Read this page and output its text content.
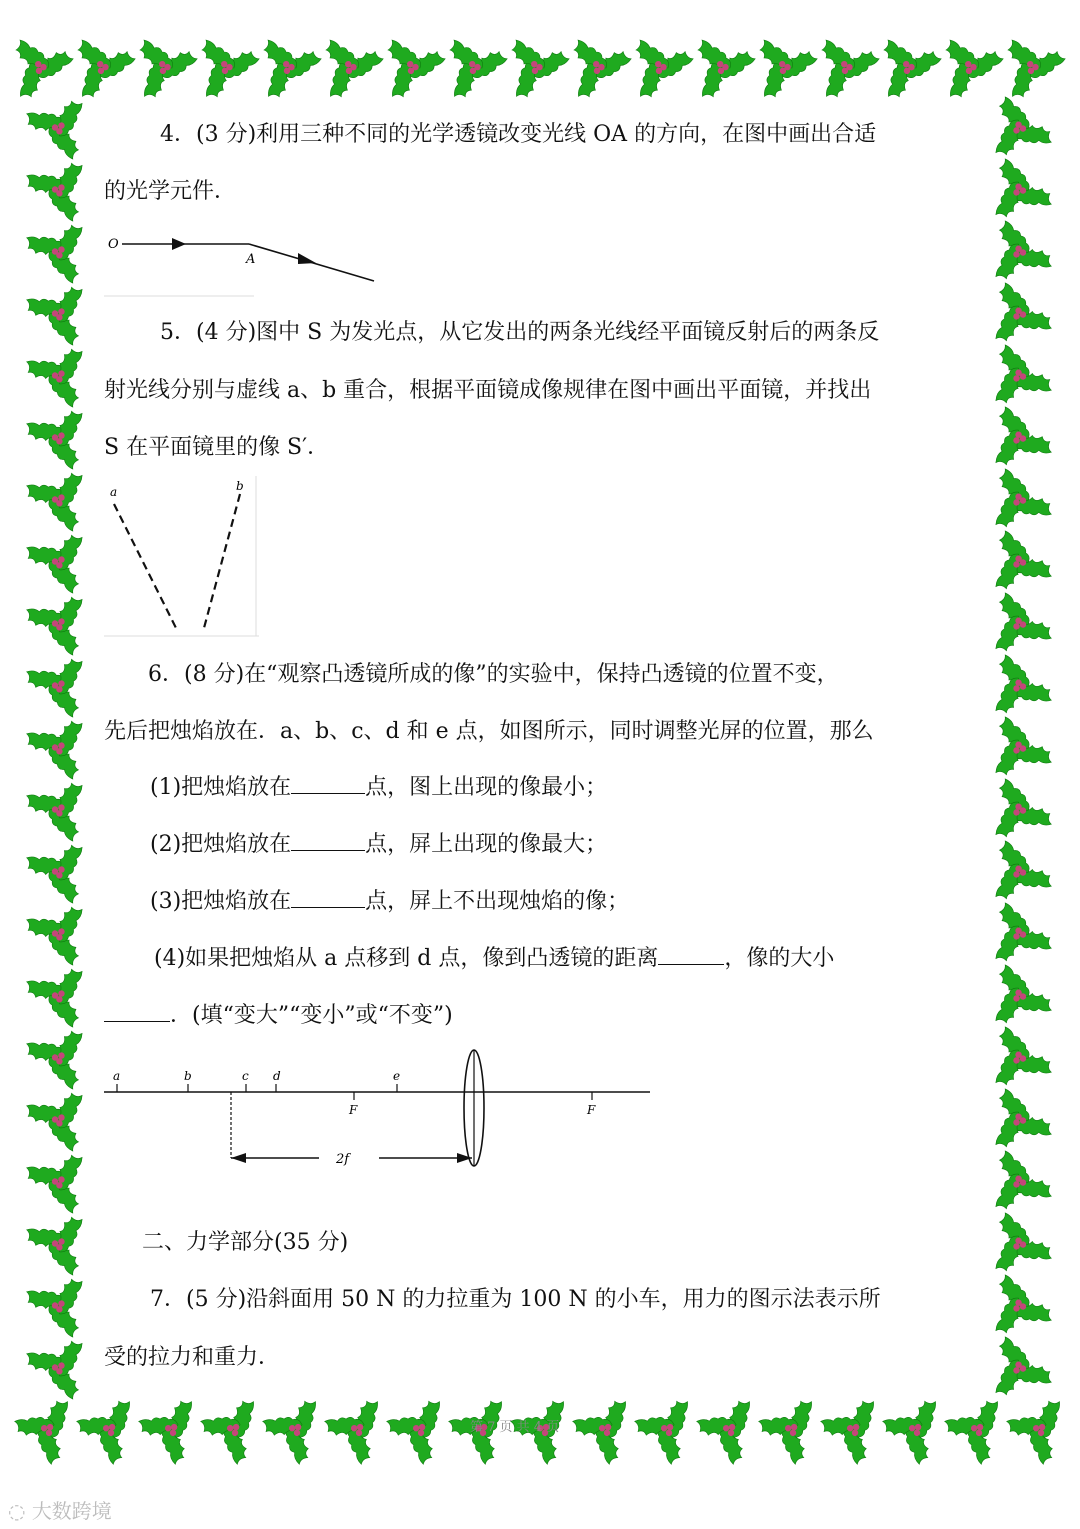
4．(3 分)利用三种不同的光学透镜改变光线 OA 的方向，在图中画出合适
的光学元件．
O
A
5．(4 分)图中 S 为发光点，从它发出的两条光线经平面镜反射后的两条反
射光线分别与虚线 a、b 重合，根据平面镜成像规律在图中画出平面镜，并找出
S 在平面镜里的像 S′．
a	b
6．(8 分)在“观察凸透镜所成的像”的实验中，保持凸透镜的位置不变，
先后把烛焰放在．a、b、c、d 和 e 点，如图所示，同时调整光屏的位置，那么
(1)把烛焰放在	点，图上出现的像最小；
(2)把烛焰放在	点，屏上出现的像最大；
(3)把烛焰放在	点，屏上不出现烛焰的像；
(4)如果把烛焰从 a 点移到 d 点，像到凸透镜的距离	，像的大小
．(填“变大”“变小”或“不变”)
a	b	c d	e
F	F
2f
二、力学部分(35 分)
7．(5 分)沿斜面用 50 N 的力拉重为 100 N 的小车，用力的图示法表示所
受的拉力和重力．
第 7 页 共 4 页
◌ 大数跨境
